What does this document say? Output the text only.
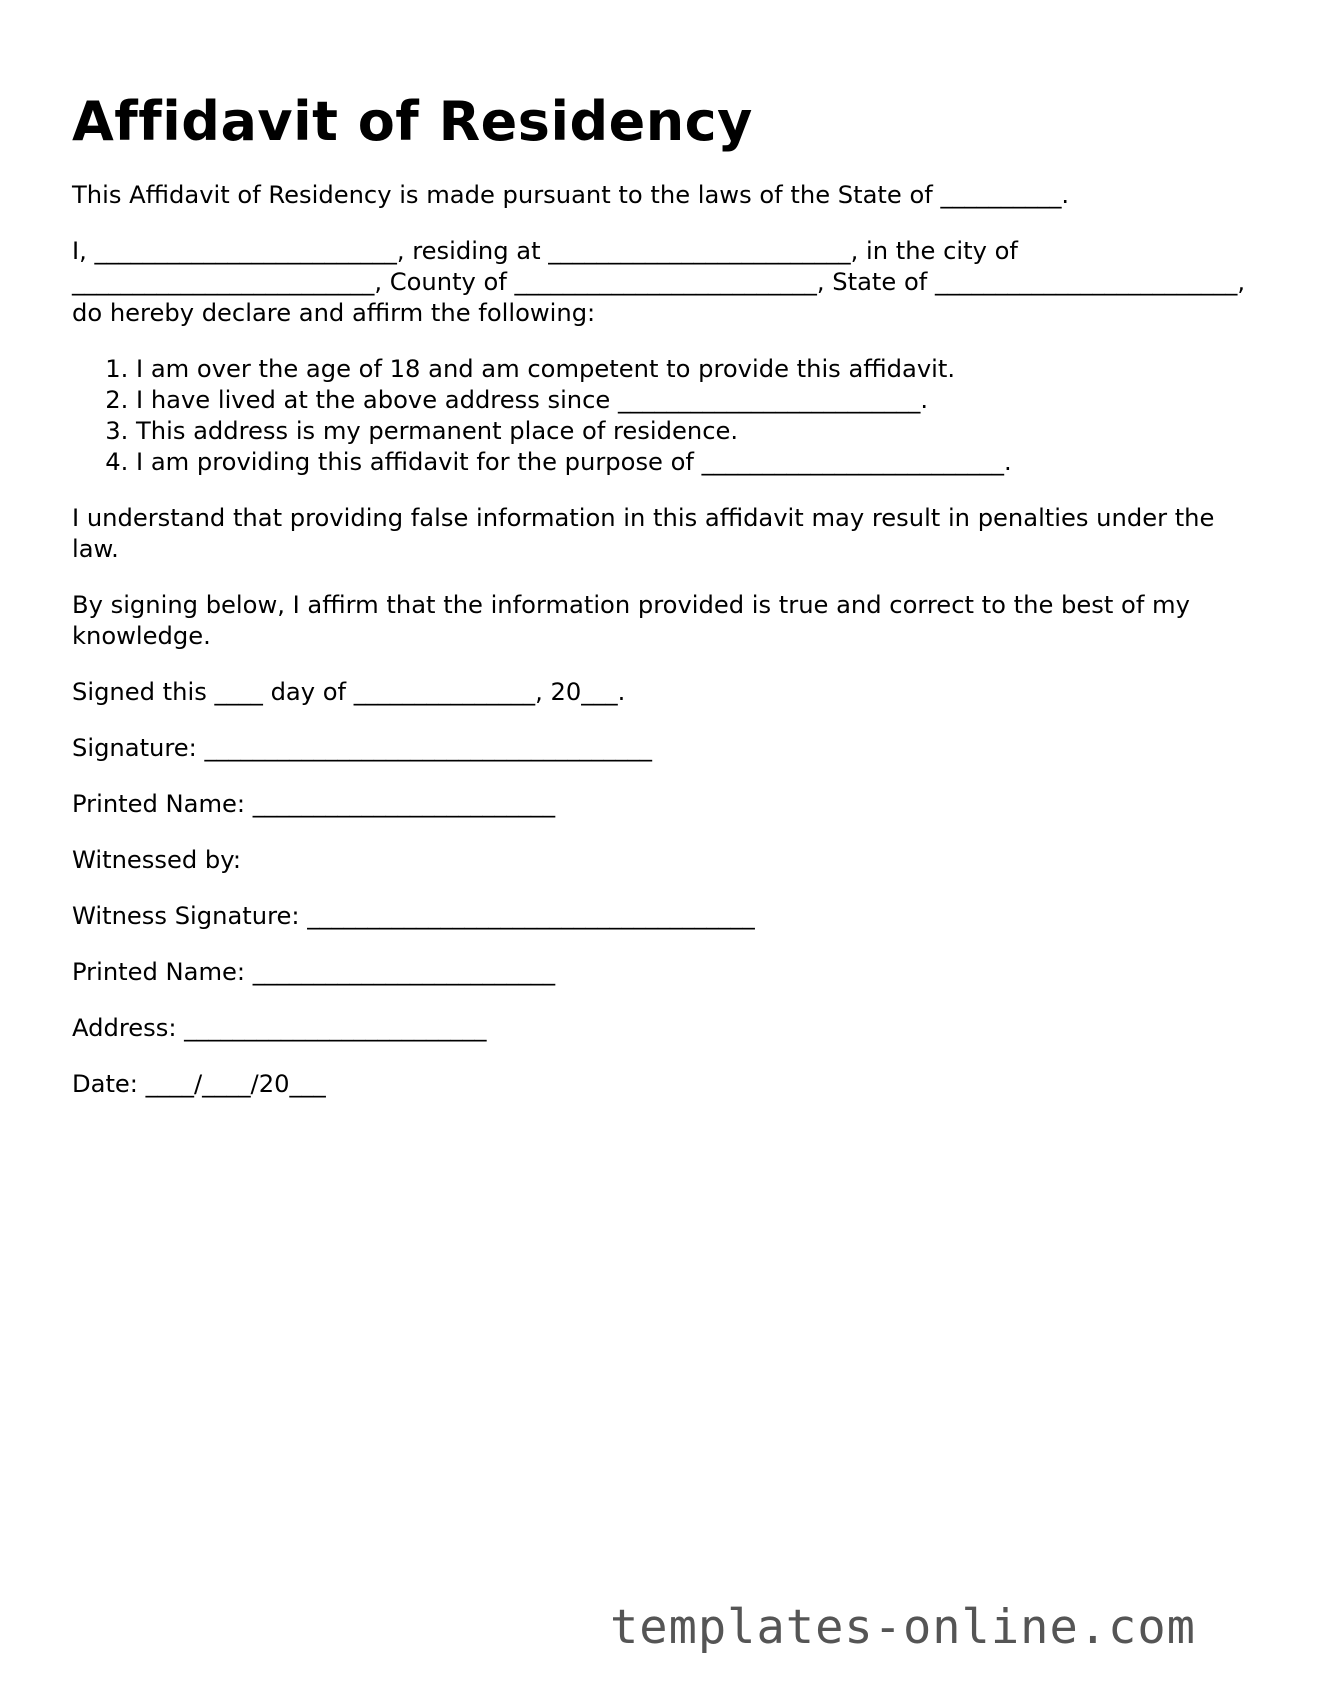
Affidavit of Residency

This Affidavit of Residency is made pursuant to the laws of the State of __________.

I, _________________________, residing at _________________________, in the city of _________________________, County of _________________________, State of _________________________, do hereby declare and affirm the following:

1. I am over the age of 18 and am competent to provide this affidavit.
2. I have lived at the above address since _________________________.
3. This address is my permanent place of residence.
4. I am providing this affidavit for the purpose of _________________________.

I understand that providing false information in this affidavit may result in penalties under the law.

By signing below, I affirm that the information provided is true and correct to the best of my knowledge.

Signed this ____ day of _______________, 20___.

Signature: _____________________________________

Printed Name: _________________________

Witnessed by:

Witness Signature: _____________________________________

Printed Name: _________________________

Address: _________________________

Date: ____/____/20___

templates-online.com
